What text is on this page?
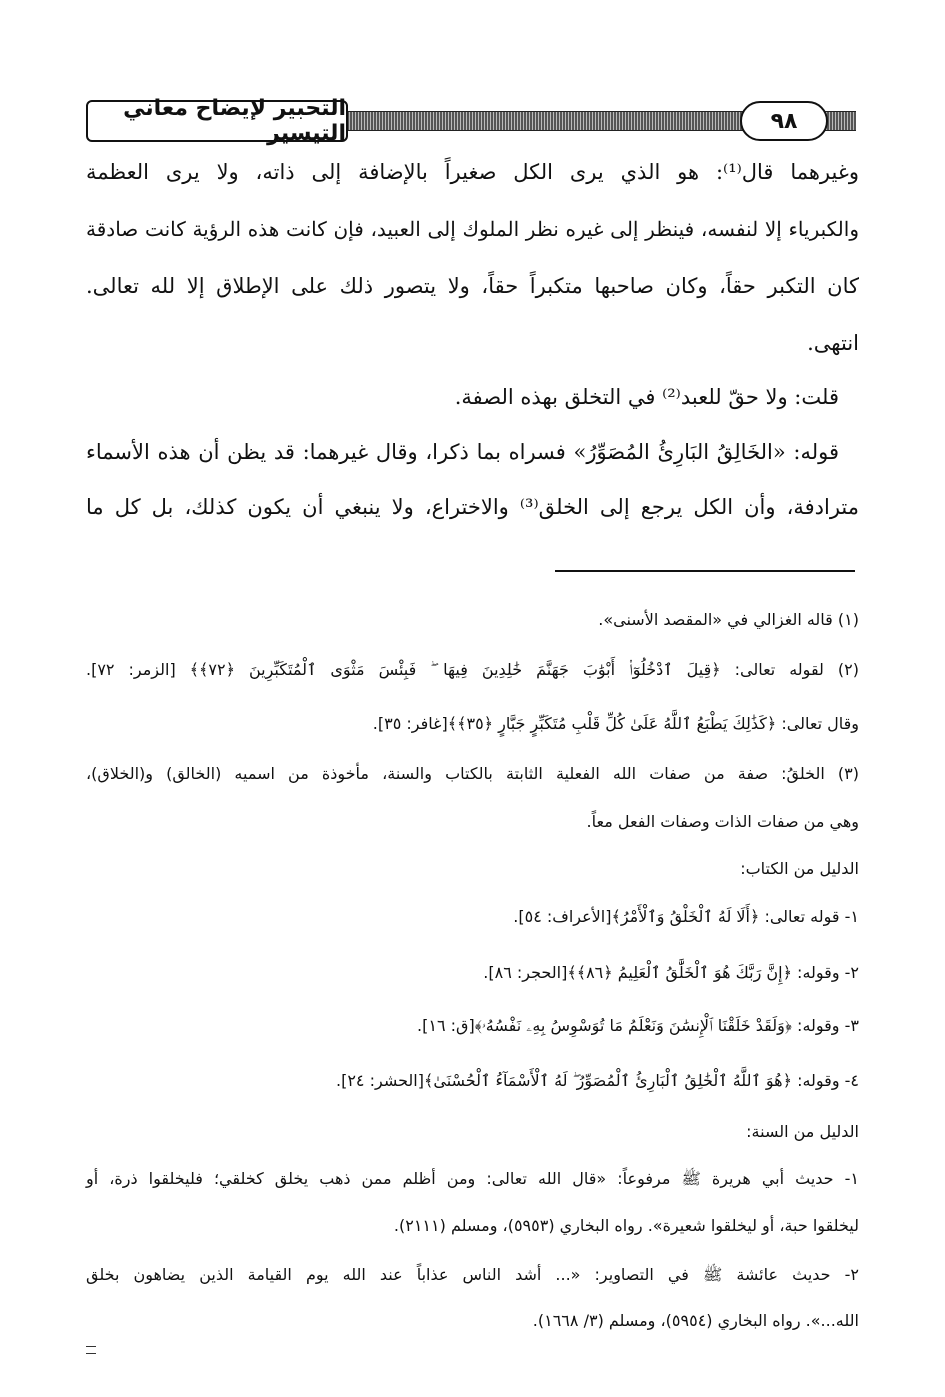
التحبير لإيضاح معاني التيسير	٩٨
وغيرهما قال⁽¹⁾: هو الذي يرى الكل صغيراً بالإضافة إلى ذاته، ولا يرى العظمة
والكبرياء إلا لنفسه، فينظر إلى غيره نظر الملوك إلى العبيد، فإن كانت هذه الرؤية كانت صادقة
كان التكبر حقاً، وكان صاحبها متكبراً حقاً، ولا يتصور ذلك على الإطلاق إلا لله تعالى.
انتهى.
قلت: ولا حقّ للعبد⁽²⁾ في التخلق بهذه الصفة.
قوله: «الخَالِقُ البَارِئُ المُصَوِّرُ» فسراه بما ذكرا، وقال غيرهما: قد يظن أن هذه الأسماء
مترادفة، وأن الكل يرجع إلى الخلق⁽³⁾ والاختراع، ولا ينبغي أن يكون كذلك، بل كل ما
(١) قاله الغزالي في «المقصد الأسنى».
(٢) لقوله تعالى: ﴿قِيلَ ٱدْخُلُوٓا۟ أَبْوَٰبَ جَهَنَّمَ خَٰلِدِينَ فِيهَا ۖ فَبِئْسَ مَثْوَى ٱلْمُتَكَبِّرِينَ ﴿٧٢﴾﴾ [الزمر: ٧٢].
وقال تعالى: ﴿كَذَٰلِكَ يَطْبَعُ ٱللَّهُ عَلَىٰ كُلِّ قَلْبِ مُتَكَبِّرٍ جَبَّارٍ ﴿٣٥﴾﴾[غافر: ٣٥].
(٣) الخلقُ: صفة من صفات الله الفعلية الثابتة بالكتاب والسنة، مأخوذة من اسميه (الخالق) و(الخلاق)،
وهي من صفات الذات وصفات الفعل معاً.
الدليل من الكتاب:
١- قوله تعالى: ﴿أَلَا لَهُ ٱلْخَلْقُ وَٱلْأَمْرُ﴾[الأعراف: ٥٤].
٢- وقوله: ﴿إِنَّ رَبَّكَ هُوَ ٱلْخَلَّٰقُ ٱلْعَلِيمُ ﴿٨٦﴾﴾[الحجر: ٨٦].
٣- وقوله: ﴿وَلَقَدْ خَلَقْنَا ٱلْإِنسَٰنَ وَنَعْلَمُ مَا تُوَسْوِسُ بِهِۦ نَفْسُهُۥ﴾[ق: ١٦].
٤- وقوله: ﴿هُوَ ٱللَّهُ ٱلْخَٰلِقُ ٱلْبَارِئُ ٱلْمُصَوِّرُ ۖ لَهُ ٱلْأَسْمَآءُ ٱلْحُسْنَىٰ﴾[الحشر: ٢٤].
الدليل من السنة:
١- حديث أبي هريرة ﷺ مرفوعاً: «قال الله تعالى: ومن أظلم ممن ذهب يخلق كخلقي؛ فليخلقوا ذرة، أو
ليخلقوا حبة، أو ليخلقوا شعيرة». رواه البخاري (٥٩٥٣)، ومسلم (٢١١١).
٢- حديث عائشة ﷺ في التصاوير: «... أشد الناس عذاباً عند الله يوم القيامة الذين يضاهون بخلق
الله...». رواه البخاري (٥٩٥٤)، ومسلم (٣/ ١٦٦٨).
